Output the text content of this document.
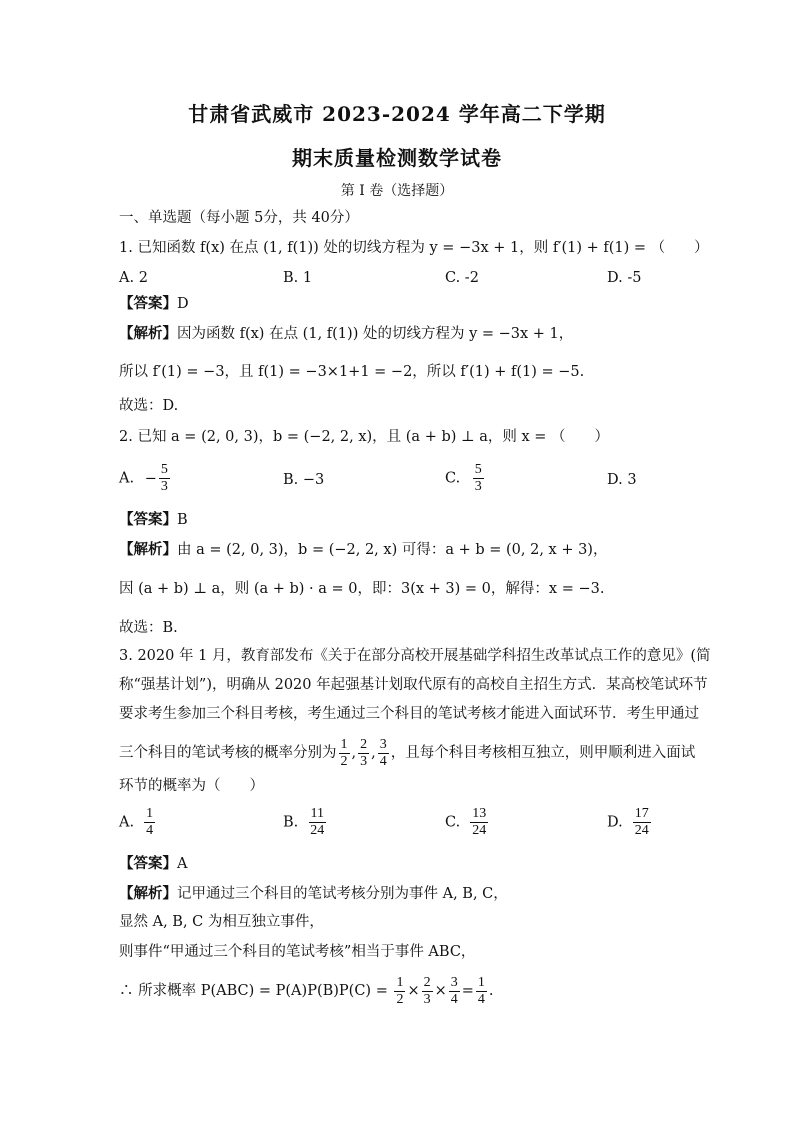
甘肃省武威市 2023-2024 学年高二下学期
期末质量检测数学试卷
第 I 卷（选择题）
一、单选题（每小题 5分，共 40分）
1. 已知函数 f(x) 在点 (1, f(1)) 处的切线方程为 y = −3x + 1，则 f′(1) + f(1) = （　　）
A. 2	B. 1	C. -2	D. -5
【答案】D
【解析】因为函数 f(x) 在点 (1, f(1)) 处的切线方程为 y = −3x + 1，
所以 f′(1) = −3，且 f(1) = −3×1+1 = −2，所以 f′(1) + f(1) = −5.
故选：D.
2. 已知 a = (2, 0, 3)，b = (−2, 2, x)，且 (a + b) ⊥ a，则 x = （　　）
A. − $\frac{5}{3}$	B. −3	C. $\frac{5}{3}$	D. 3
【答案】B
【解析】由 a = (2, 0, 3)，b = (−2, 2, x) 可得：a + b = (0, 2, x + 3)，
因 (a + b) ⊥ a，则 (a + b) · a = 0，即：3(x + 3) = 0，解得：x = −3.
故选：B.
3. 2020 年 1 月，教育部发布《关于在部分高校开展基础学科招生改革试点工作的意见》(简
称“强基计划”)，明确从 2020 年起强基计划取代原有的高校自主招生方式．某高校笔试环节
要求考生参加三个科目考核，考生通过三个科目的笔试考核才能进入面试环节．考生甲通过
三个科目的笔试考核的概率分别为 $\frac{1}{2}$ , $\frac{2}{3}$ , $\frac{3}{4}$ ，且每个科目考核相互独立，则甲顺利进入面试
环节的概率为（　　）
A. $\frac{1}{4}$	B. $\frac{11}{24}$	C. $\frac{13}{24}$	D. $\frac{17}{24}$
【答案】A
【解析】记甲通过三个科目的笔试考核分别为事件 A, B, C，
显然 A, B, C 为相互独立事件，
则事件“甲通过三个科目的笔试考核”相当于事件 ABC，
∴ 所求概率 $P(ABC) = P(A)P(B)P(C) = \frac{1}{2} \times \frac{2}{3} \times \frac{3}{4} = \frac{1}{4}$ .
